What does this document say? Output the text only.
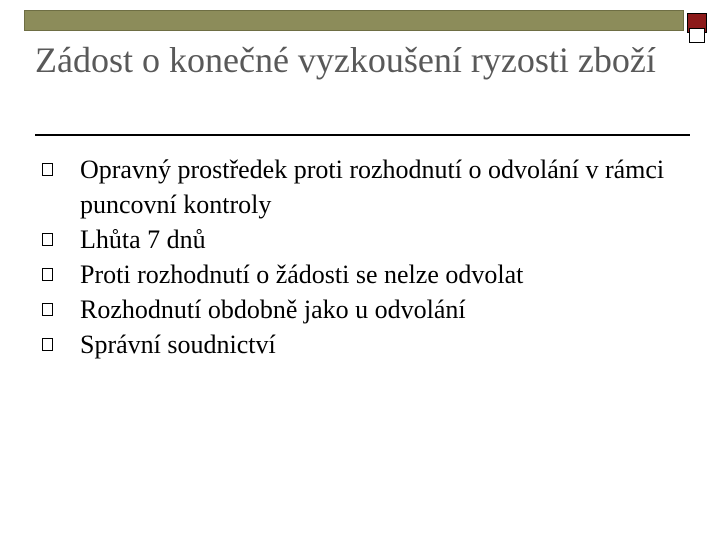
Zádost o konečné vyzkoušení ryzosti zboží
Opravný prostředek proti rozhodnutí o odvolání v rámci puncovní kontroly
Lhůta 7 dnů
Proti rozhodnutí o žádosti se nelze odvolat
Rozhodnutí obdobně jako u odvolání
Správní soudnictví
